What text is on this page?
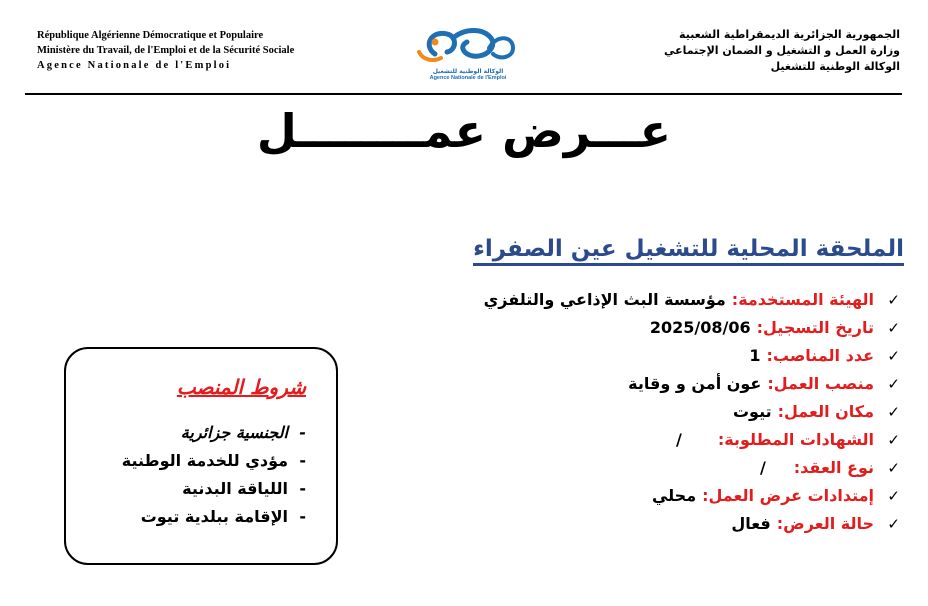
République Algérienne Démocratique et Populaire
Ministère du Travail, de l'Emploi et de la Sécurité Sociale
Agence Nationale de l'Emploi
الوكالة الوطنية للتشغيل
Agence Nationale de l'Emploi
الجمهورية الجزائرية الديمقراطية الشعبية
وزارة العمل و التشغيل و الضمان الإجتماعي
الوكالة الوطنية للتشغيل
عـــرض عمــــــــل
الملحقة المحلية للتشغيل عين الصفراء
✓
الهيئة المستخدمة:
مؤسسة البث الإذاعي والتلفزي
✓
تاريخ التسجيل:
2025/08/06
✓
عدد المناصب:
1
✓
منصب العمل:
عون أمن و وقاية
✓
مكان العمل:
تيوت
✓
الشهادات المطلوبة:
/
✓
نوع العقد:
/
✓
إمتدادات عرض العمل:
محلي
✓
حالة العرض:
فعال
شروط المنصب
-الجنسية جزائرية
-مؤدي للخدمة الوطنية
-اللياقة البدنية
-الإقامة ببلدية تيوت
